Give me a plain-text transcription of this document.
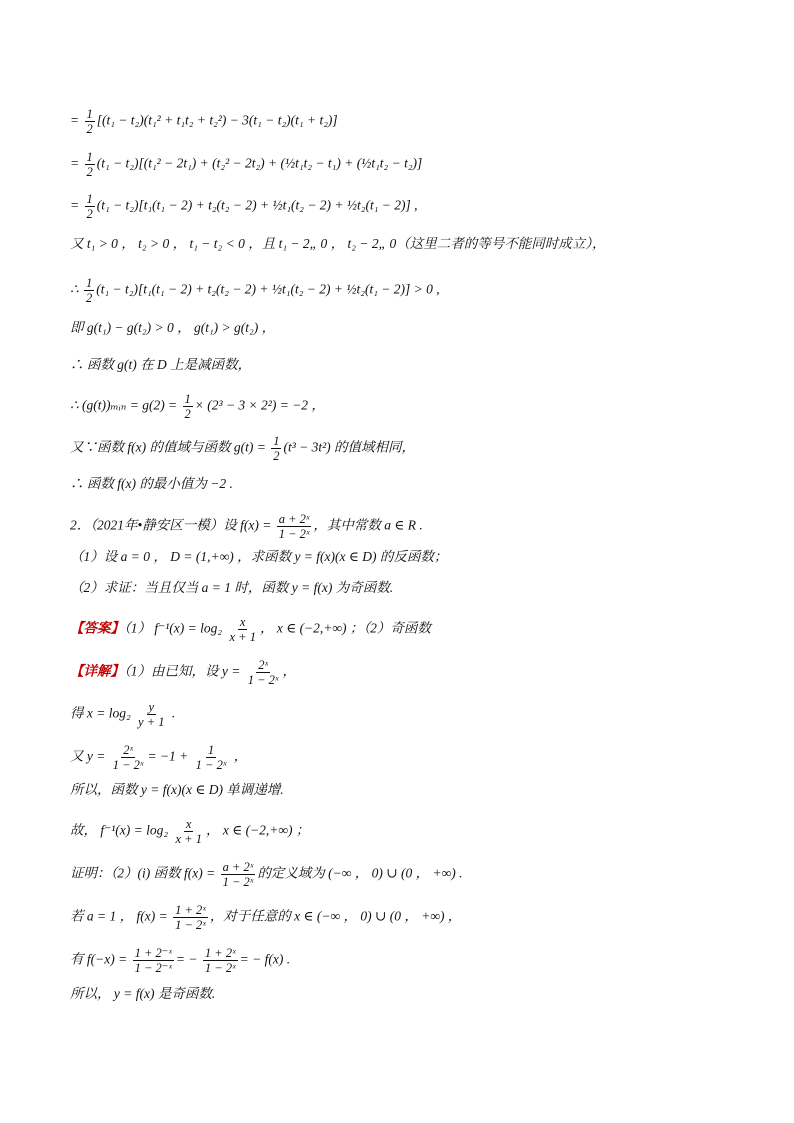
= $\frac{1}{2} [(t_1 - t_2)(t_1^2 + t_1t_2 + t_2^2) - 3(t_1 - t_2)(t_1 + t_2)]$
= $\frac{1}{2} (t_1 - t_2)[(t_1^2 - 2t_1) + (t_2^2 - 2t_2)$ + (½t₁t₂ − t₁) + (½t₁t₂ − t₂)]
= $\frac{1}{2} (t_1 - t_2)[t_1(t_1 - 2) + t_2(t_2 - 2)$ + ½t₁(t₂ − 2) + ½t₂(t₁ − 2)] ,
又 t₁ > 0 ， t₂ > 0 ， t₁ − t₂ < 0 ，且 t₁ − 2„ 0 ， t₂ − 2„ 0（这里二者的等号不能同时成立），
∴ $\frac{1}{2} (t_1 - t_2)[t_1(t_1 - 2) + t_2(t_2 - 2)$ + ½t₁(t₂ − 2) + ½t₂(t₁ − 2)] > 0 ,
即 g(t₁) − g(t₂) > 0 ， g(t₁) > g(t₂) ，
∴ 函数 g(t) 在 D 上是减函数，
∴ (g(t))ₘᵢₙ = $g(2) = \frac{1}{2} \times (2^3 - 3 \times 2^2) = -2$ ，
又∵函数 f(x) 的值域与函数 $g(t) = \frac{1}{2} (t^3 - 3t^2)$ 的值域相同，
∴ 函数 f(x) 的最小值为 −2 .
2．（2021年•静安区一模）设 $f(x) = \frac{\text{a + 2ˣ}}{\text{1 − 2ˣ}}$ ，其中常数 a ∈ R .
（1）设 a = 0 ， D = (1,+∞) ，求函数 y = f(x)(x ∈ D) 的反函数；
（2）求证：当且仅当 a = 1 时，函数 y = f(x) 为奇函数.
【答案】（1） $f^{-1}(x) = \log_2 \frac{x}{x + 1}$ ， x ∈ (−2,+∞) ；（2）奇函数
【详解】（1）由已知，设 $y = \frac{\text{2ˣ}}{\text{1 − 2ˣ}}$ ，
得 $x = \log_2 \frac{y}{y + 1}$ .
又 $y = \frac{\text{2ˣ}}{\text{1 − 2ˣ}} = -1 + \frac{1}{\text{1 − 2ˣ}}$ ，
所以，函数 y = f(x)(x ∈ D) 单调递增.
故， $f^{-1}(x) = \log_2 \frac{x}{x + 1}$ ， x ∈ (−2,+∞) ；
证明：（2）(i) 函数 $f(x) = \frac{\text{a + 2ˣ}}{\text{1 − 2ˣ}}$ 的定义域为 (−∞ ， 0) ∪ (0 ， +∞) .
若 a = 1 ， $f(x) = \frac{\text{1 + 2ˣ}}{\text{1 − 2ˣ}}$ ，对于任意的 x ∈ (−∞ ， 0) ∪ (0 ， +∞) ，
有 $f(-x) = \frac{\text{1 + 2⁻ˣ}}{\text{1 − 2⁻ˣ}}$ = − $\frac{\text{1 + 2ˣ}}{\text{1 − 2ˣ}}$ = − f(x) .
所以， y = f(x) 是奇函数.
